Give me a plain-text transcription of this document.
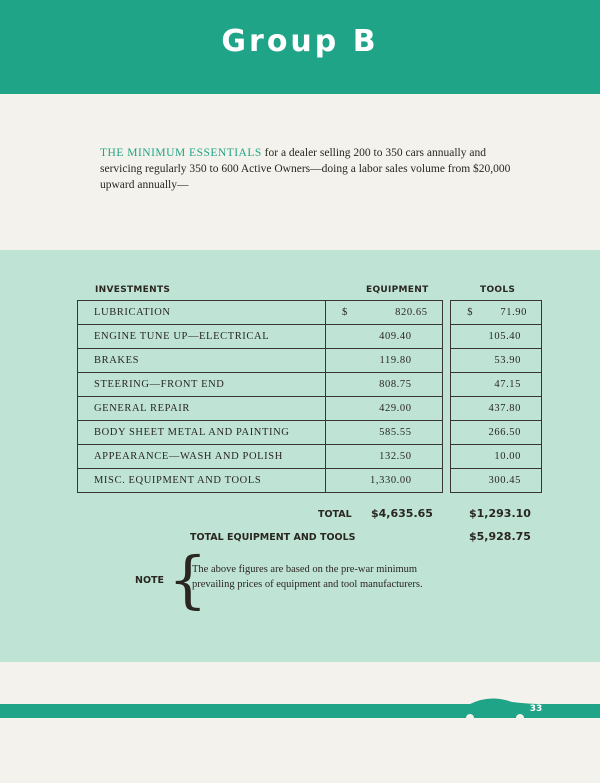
Group B
THE MINIMUM ESSENTIALS for a dealer selling 200 to 350 cars annually and servicing regularly 350 to 600 Active Owners—doing a labor sales volume from $20,000 upward annually—
INVESTMENTS	EQUIPMENT	TOOLS
LUBRICATION	$ 820.65		$ 71.90

ENGINE TUNE UP—ELECTRICAL	409.40		105.40
BRAKES	119.80		53.90
STEERING—FRONT END	808.75		47.15
GENERAL REPAIR	429.00		437.80
BODY SHEET METAL AND PAINTING	585.55		266.50
APPEARANCE—WASH AND POLISH	132.50		10.00
MISC. EQUIPMENT AND TOOLS	1,330.00		300.45
TOTAL $4,635.65	$1,293.10
TOTAL EQUIPMENT AND TOOLS	$5,928.75
NOTE {
The above figures are based on the pre-war minimum prevailing prices of equipment and tool manufacturers.
33
